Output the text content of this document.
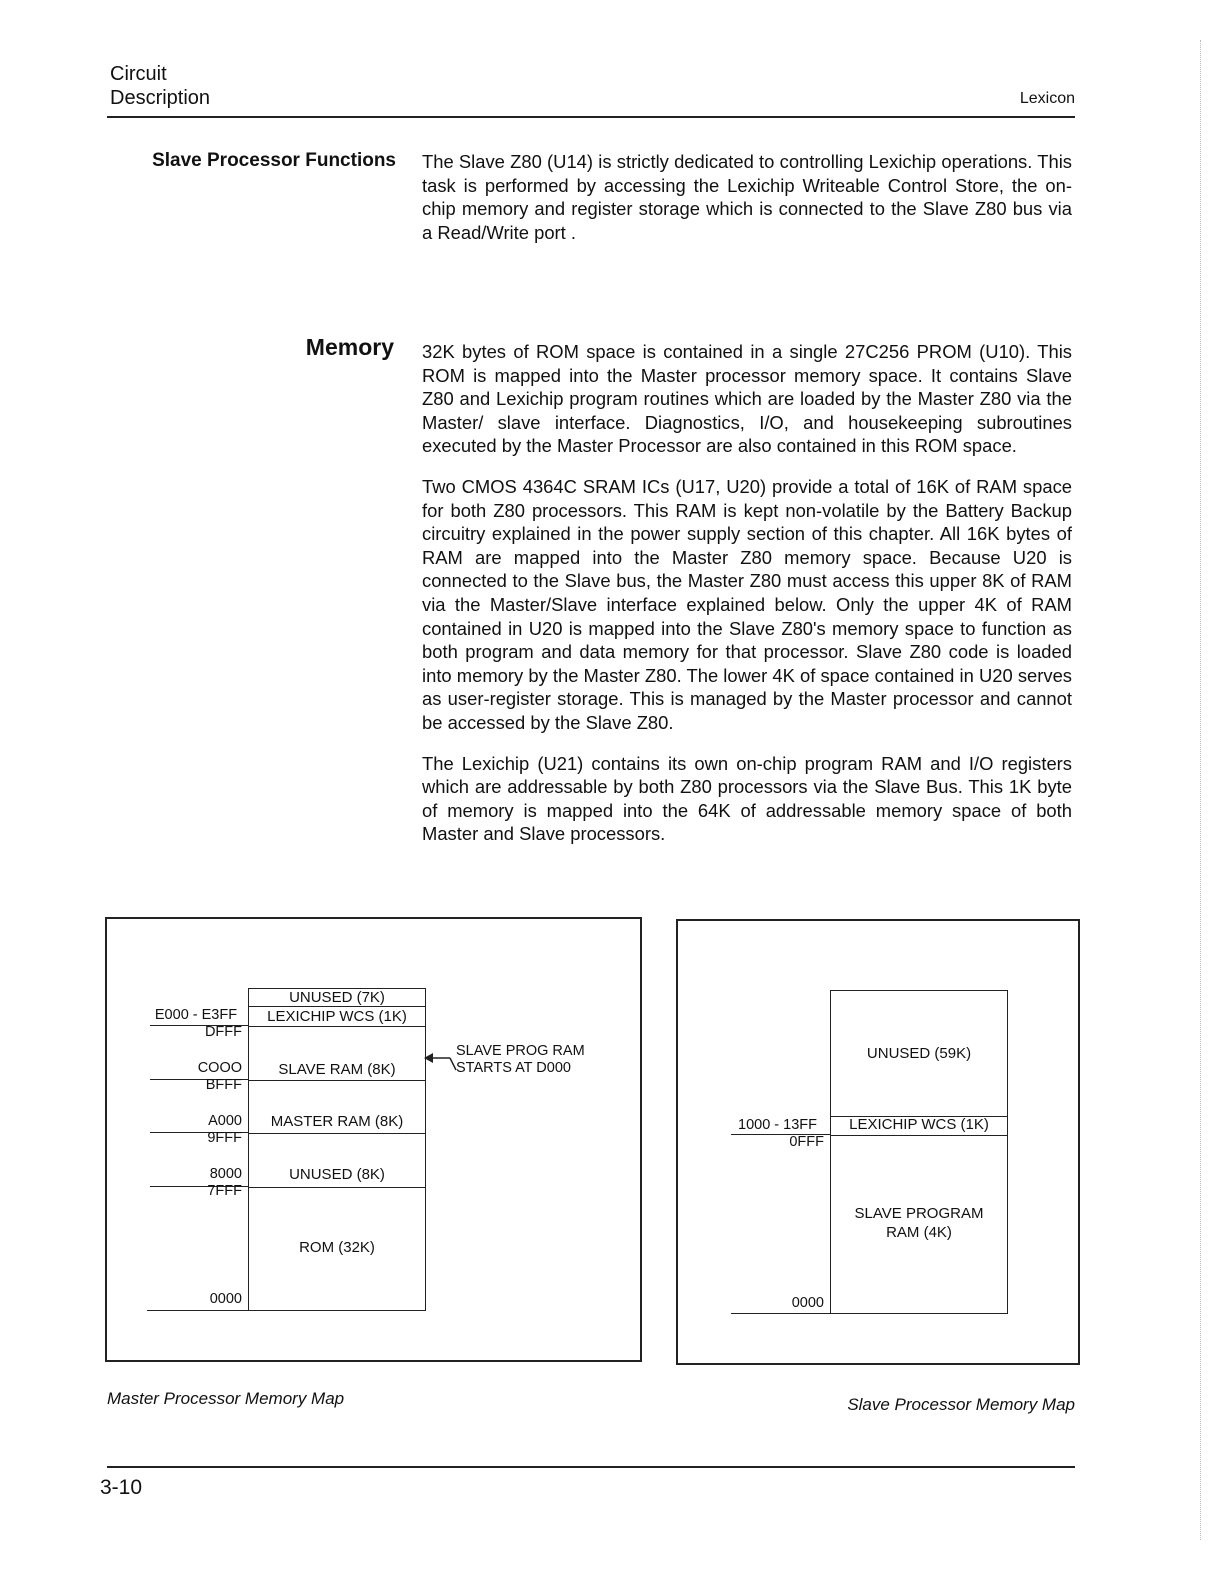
Circuit
Description	Lexicon
Slave Processor Functions The Slave Z80 (U14) is strictly dedicated to controlling Lexichip operations. This task is performed by accessing the Lexichip Writeable Control Store, the on-chip memory and register storage which is connected to the Slave Z80 bus via a Read/Write port .

Memory 32K bytes of ROM space is contained in a single 27C256 PROM (U10). This ROM is mapped into the Master processor memory space. It contains Slave Z80 and Lexichip program routines which are loaded by the Master Z80 via the Master/ slave interface. Diagnostics, I/O, and housekeeping subroutines executed by the Master Processor are also contained in this ROM space.

Two CMOS 4364C SRAM ICs (U17, U20) provide a total of 16K of RAM space for both Z80 processors. This RAM is kept non-volatile by the Battery Backup circuitry explained in the power supply section of this chapter. All 16K bytes of RAM are mapped into the Master Z80 memory space. Because U20 is connected to the Slave bus, the Master Z80 must access this upper 8K of RAM via the Master/Slave interface explained below. Only the upper 4K of RAM contained in U20 is mapped into the Slave Z80's memory space to function as both program and data memory for that processor. Slave Z80 code is loaded into memory by the Master Z80. The lower 4K of space contained in U20 serves as user-register storage. This is managed by the Master processor and cannot be accessed by the Slave Z80.

The Lexichip (U21) contains its own on-chip program RAM and I/O registers which are addressable by both Z80 processors via the Slave Bus. This 1K byte of memory is mapped into the 64K of addressable memory space of both Master and Slave processors.

UNUSED (7K)
LEXICHIP WCS (1K)
SLAVE RAM (8K)
MASTER RAM (8K)
UNUSED (8K)
ROM (32K)
E000 - E3FF
DFFF
COOO
BFFF
A000
9FFF
8000
7FFF
0000
SLAVE PROG RAM
STARTS AT D000
UNUSED (59K)
LEXICHIP WCS (1K)
SLAVE PROGRAM
RAM (4K)
1000 - 13FF
0FFF
0000
Master Processor Memory Map	Slave Processor Memory Map
3-10
